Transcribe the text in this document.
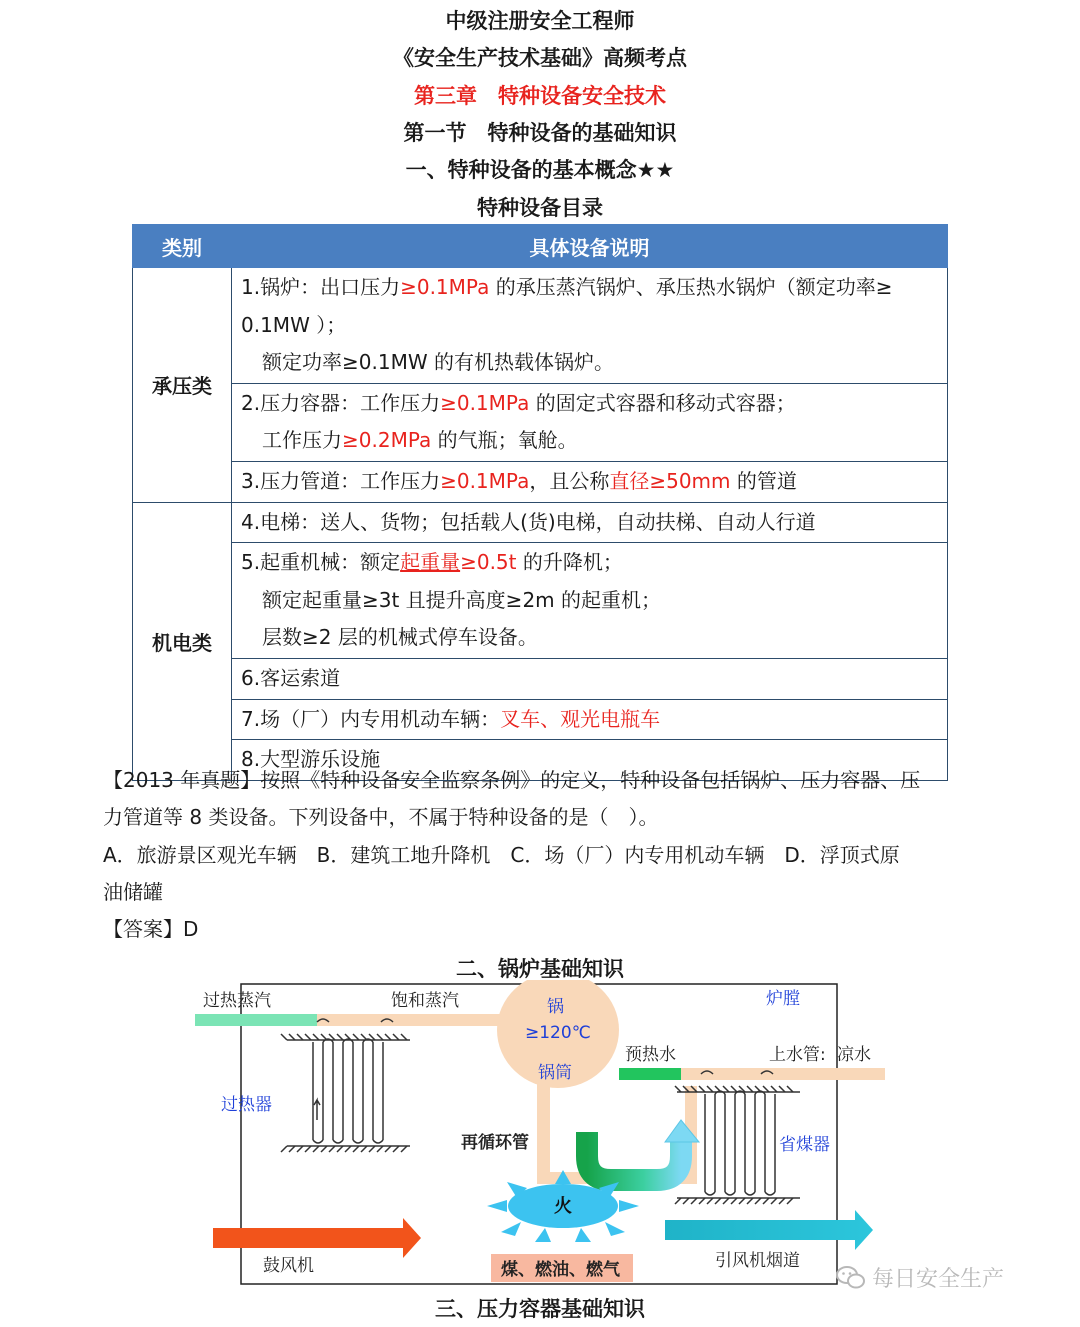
中级注册安全工程师
《安全生产技术基础》高频考点
第三章　特种设备安全技术
第一节　特种设备的基础知识
一、特种设备的基本概念★★
特种设备目录
类别	具体设备说明
承压类	1.锅炉：出口压力≥0.1MPa 的承压蒸汽锅炉、承压热水锅炉（额定功率≥
0.1MW ）；
额定功率≥0.1MW 的有机热载体锅炉。

	2.压力容器：工作压力≥0.1MPa 的固定式容器和移动式容器；
工作压力≥0.2MPa 的气瓶；氧舱。

	3.压力管道：工作压力≥0.1MPa，且公称直径≥50mm 的管道

机电类	4.电梯：送人、货物；包括载人(货)电梯，自动扶梯、自动人行道

	5.起重机械：额定起重量≥0.5t 的升降机；
额定起重量≥3t 且提升高度≥2m 的起重机；
层数≥2 层的机械式停车设备。

	6.客运索道

	7.场（厂）内专用机动车辆：叉车、观光电瓶车

	8.大型游乐设施
【2013 年真题】按照《特种设备安全监察条例》的定义，特种设备包括锅炉、压力容器、压
力管道等 8 类设备。下列设备中，不属于特种设备的是（　）。
A．旅游景区观光车辆　B．建筑工地升降机　C．场（厂）内专用机动车辆　D．浮顶式原
油储罐
【答案】D
二、锅炉基础知识
过热蒸汽	饱和蒸汽	锅
≥120℃
锅筒
炉膛
预热水	上水管 : 凉水
过热器
再循环管	省煤器
火
鼓风机	煤、燃油、燃气	引风机烟道
每日安全生产
三、压力容器基础知识
